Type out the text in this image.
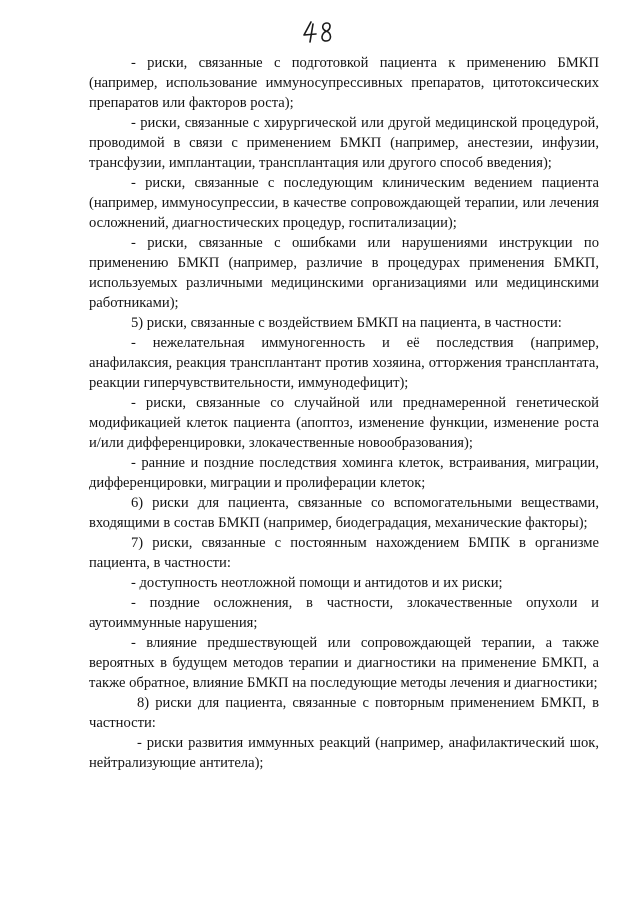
- риски, связанные с подготовкой пациента к применению БМКП (например, использование иммуносупрессивных препаратов, цитотоксических препаратов или факторов роста);

- риски, связанные с хирургической или другой медицинской процедурой, проводимой в связи с применением БМКП (например, анестезии, инфузии, трансфузии, имплантации, трансплантация или другого способ введения);

- риски, связанные с последующим клиническим ведением пациента (например, иммуносупрессии, в качестве сопровождающей терапии, или лечения осложнений, диагностических процедур, госпитализации);

- риски, связанные с ошибками или нарушениями инструкции по применению БМКП (например, различие в процедурах применения БМКП, используемых различными медицинскими организациями или медицинскими работниками);

5) риски, связанные с воздействием БМКП на пациента, в частности:

- нежелательная иммуногенность и её последствия (например, анафилаксия, реакция трансплантант против хозяина, отторжения трансплантата, реакции гиперчувствительности, иммунодефицит);

- риски, связанные со случайной или преднамеренной генетической модификацией клеток пациента (апоптоз, изменение функции, изменение роста и/или дифференцировки, злокачественные новообразования);

- ранние и поздние последствия хоминга клеток, встраивания, миграции, дифференцировки, миграции и пролиферации клеток;

6) риски для пациента, связанные со вспомогательными веществами, входящими в состав БМКП (например, биодеградация, механические факторы);

7) риски, связанные с постоянным нахождением БМПК в организме пациента, в частности:

- доступность неотложной помощи и антидотов и их риски;

- поздние осложнения, в частности, злокачественные опухоли и аутоиммунные нарушения;

- влияние предшествующей или сопровождающей терапии, а также вероятных в будущем методов терапии и диагностики на применение БМКП, а также обратное, влияние БМКП на последующие методы лечения и диагностики;

8) риски для пациента, связанные с повторным применением БМКП, в частности:

- риски развития иммунных реакций (например, анафилактический шок, нейтрализующие антитела);
